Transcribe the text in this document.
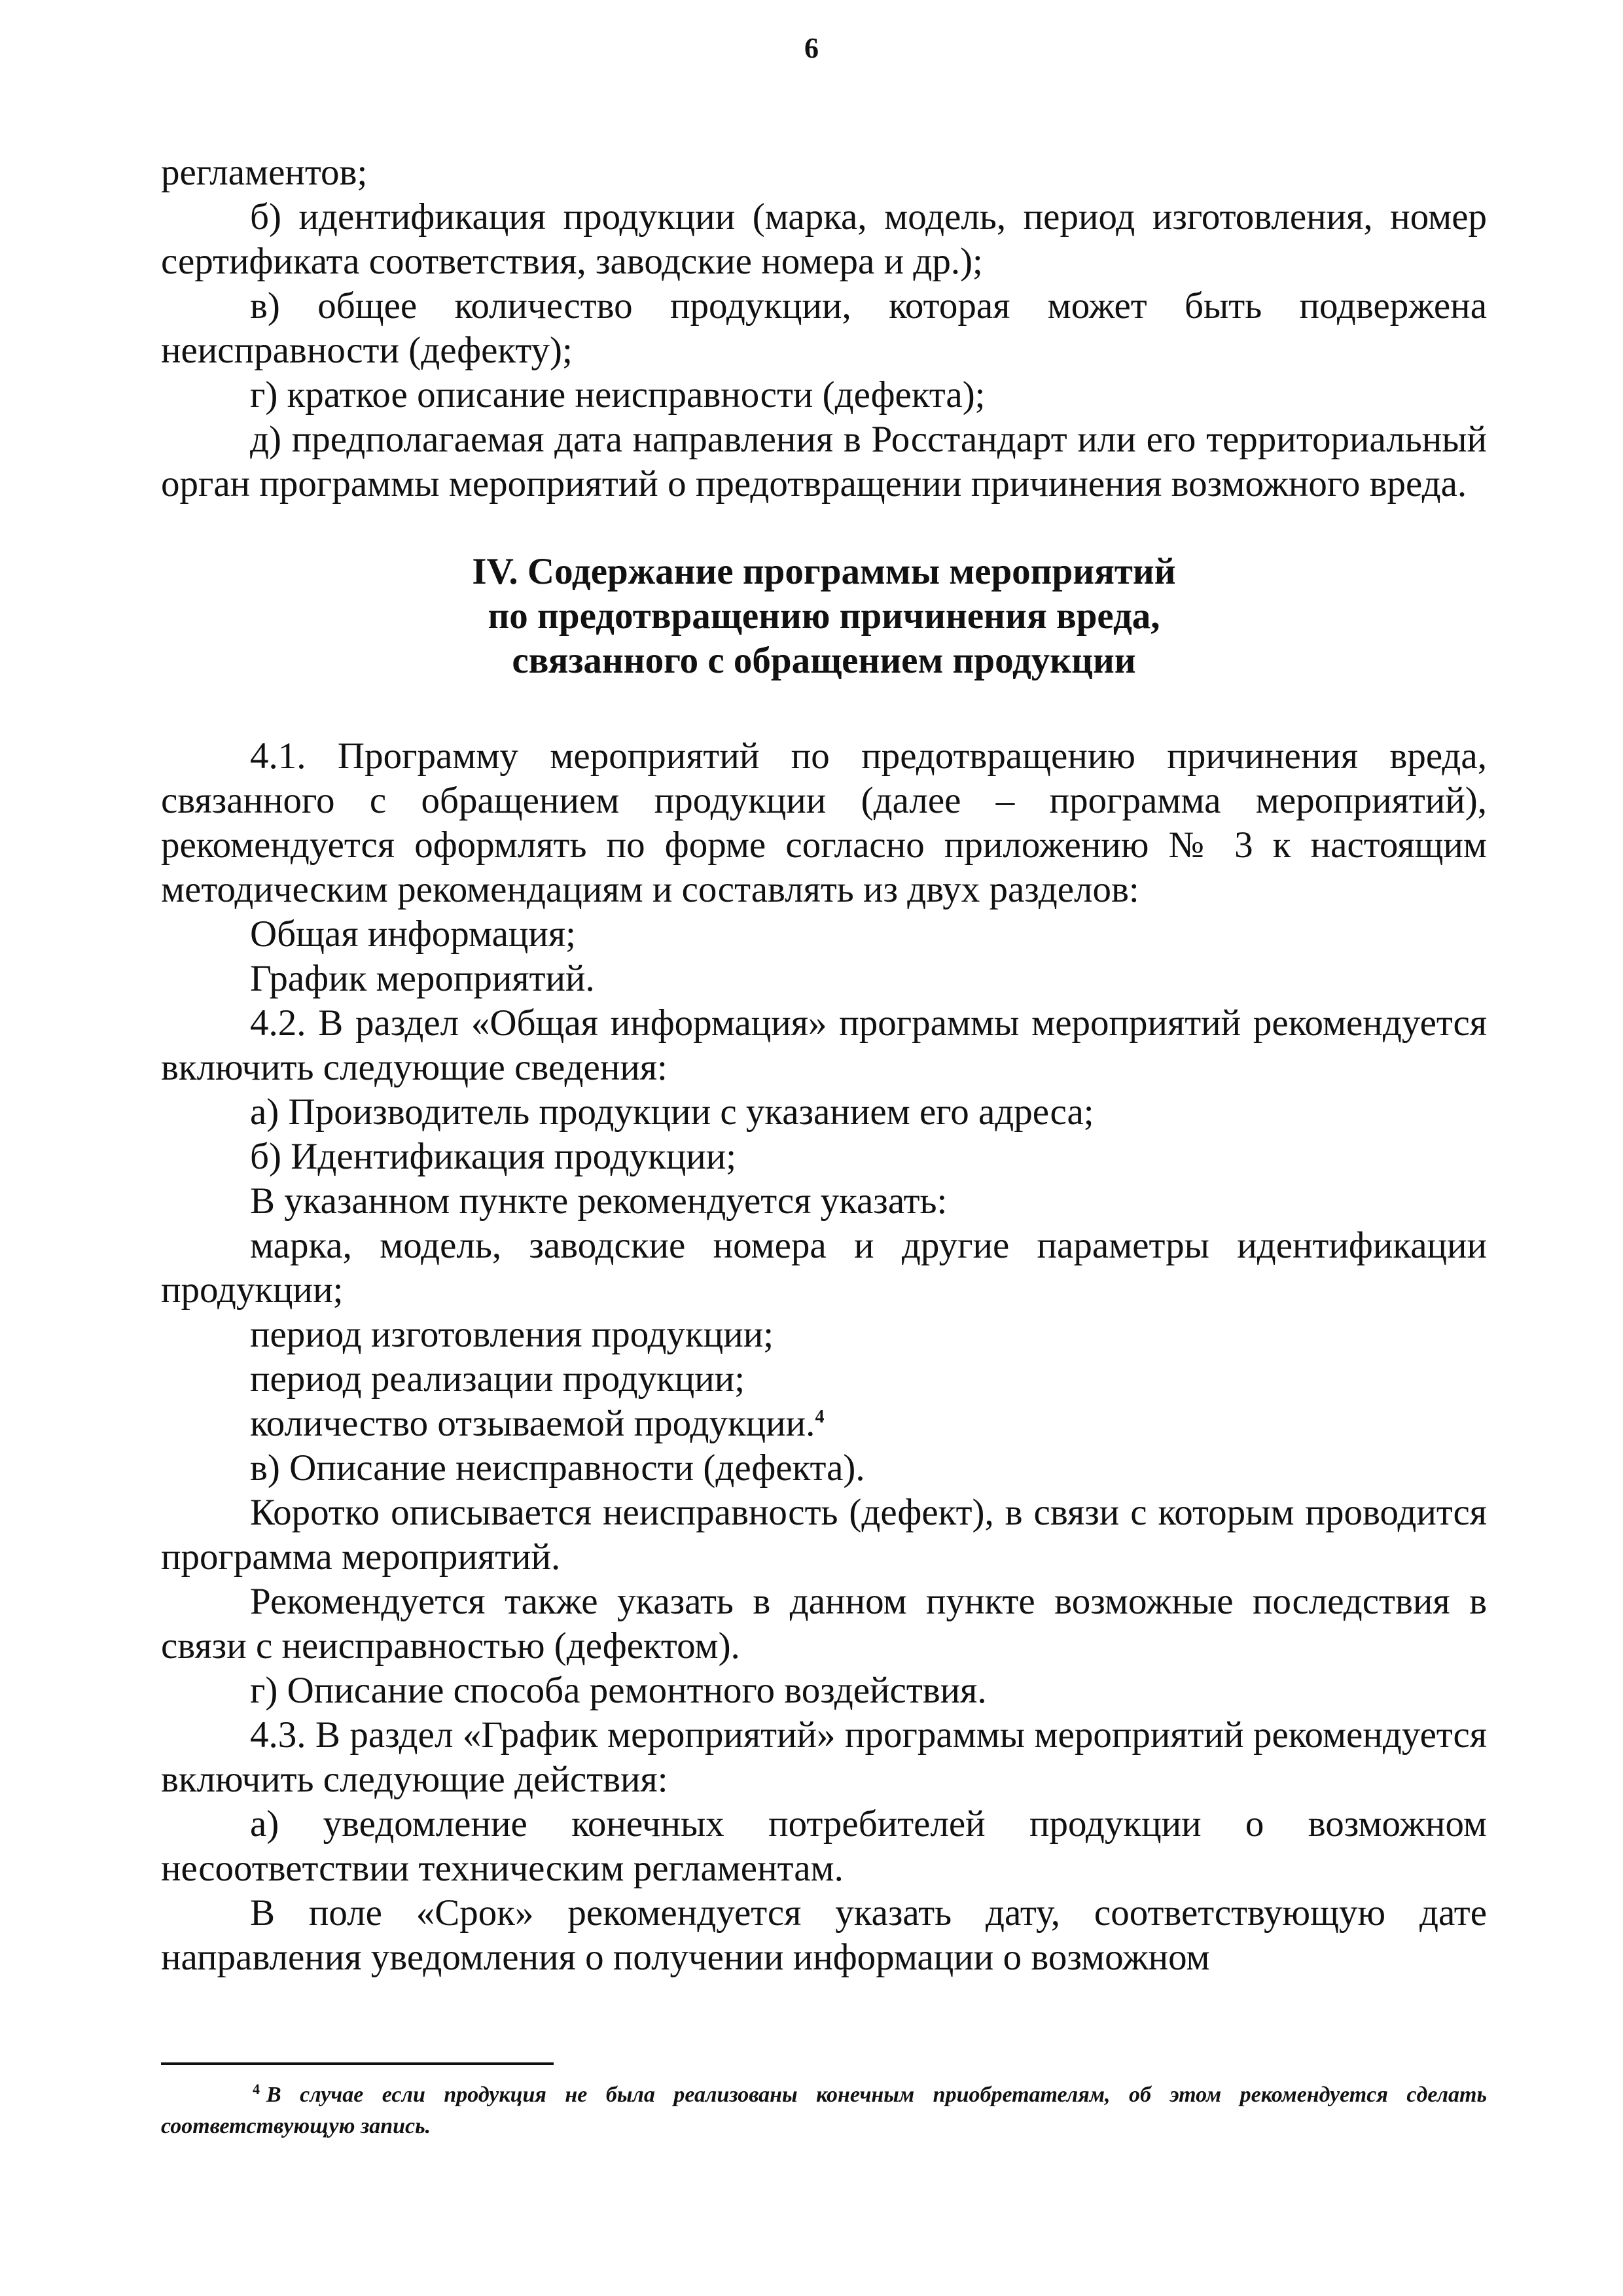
6

регламентов;

б) идентификация продукции (марка, модель, период изготовления, номер сертификата соответствия, заводские номера и др.);

в) общее количество продукции, которая может быть подвержена неисправности (дефекту);

г) краткое описание неисправности (дефекта);

д) предполагаемая дата направления в Росстандарт или его территориальный орган программы мероприятий о предотвращении причинения возможного вреда.

IV. Содержание программы мероприятий
по предотвращению причинения вреда,
связанного с обращением продукции

4.1. Программу мероприятий по предотвращению причинения вреда, связанного с обращением продукции (далее – программа мероприятий), рекомендуется оформлять по форме согласно приложению № 3 к настоящим методическим рекомендациям и составлять из двух разделов:

Общая информация;

График мероприятий.

4.2. В раздел «Общая информация» программы мероприятий рекомендуется включить следующие сведения:

а) Производитель продукции с указанием его адреса;

б) Идентификация продукции;

В указанном пункте рекомендуется указать:

марка, модель, заводские номера и другие параметры идентификации продукции;

период изготовления продукции;

период реализации продукции;

количество отзываемой продукции.$^4$

в) Описание неисправности (дефекта).

Коротко описывается неисправность (дефект), в связи с которым проводится программа мероприятий.

Рекомендуется также указать в данном пункте возможные последствия в связи с неисправностью (дефектом).

г) Описание способа ремонтного воздействия.

4.3. В раздел «График мероприятий» программы мероприятий рекомендуется включить следующие действия:

а) уведомление конечных потребителей продукции о возможном несоответствии техническим регламентам.

В поле «Срок» рекомендуется указать дату, соответствующую дате направления уведомления о получении информации о возможном

$^4$ В случае если продукция не была реализованы конечным приобретателям, об этом рекомендуется сделать соответствующую запись.
